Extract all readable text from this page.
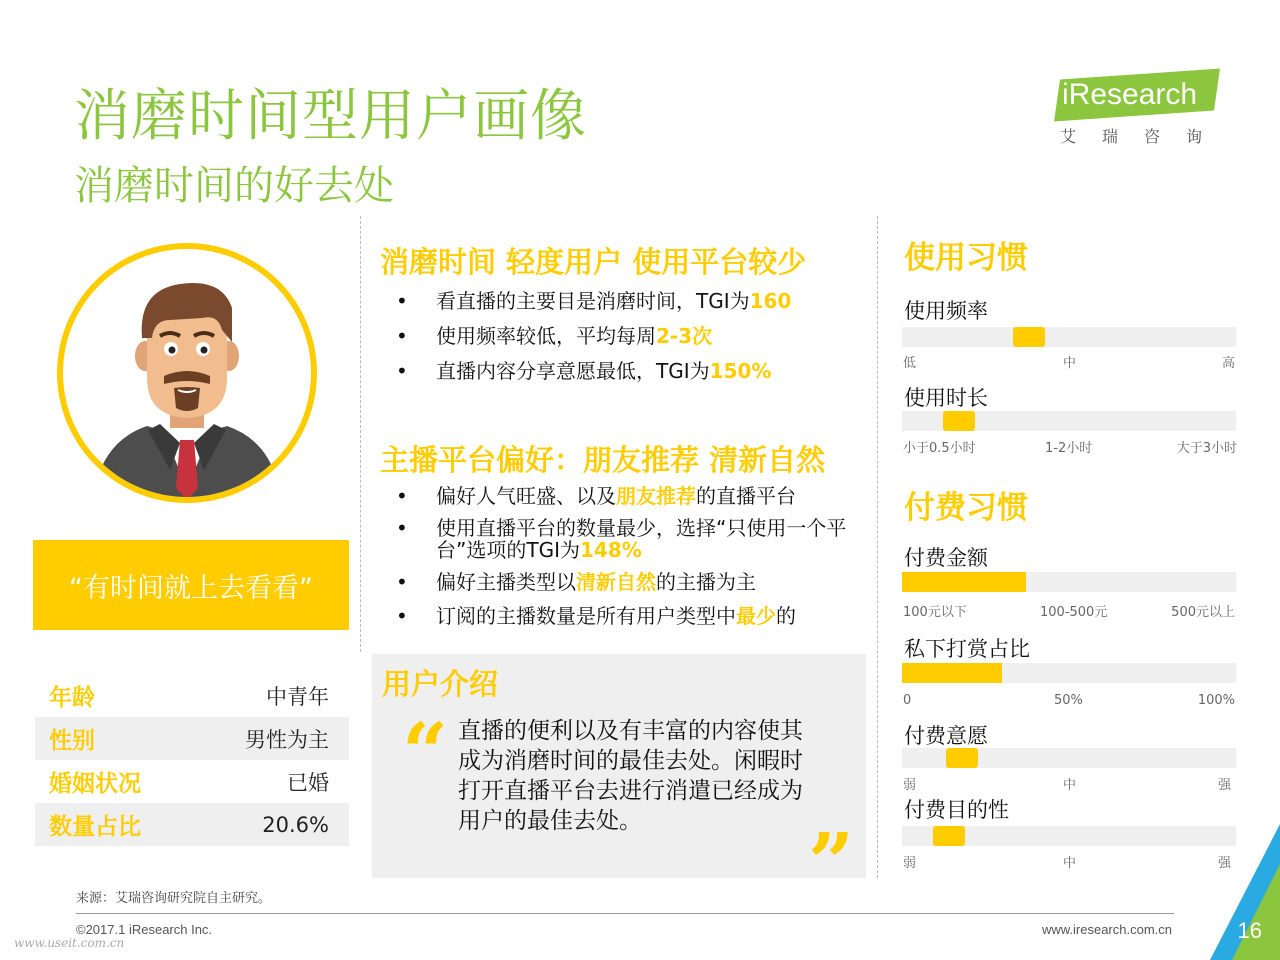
消磨时间型用户画像
消磨时间的好去处
iResearch
艾瑞咨询
“有时间就上去看看”
年龄	中青年
性别	男性为主
婚姻状况	已婚
数量占比	20.6%
消磨时间 轻度用户 使用平台较少
• 看直播的主要目是消磨时间，TGI为160
• 使用频率较低，平均每周2-3次
• 直播内容分享意愿最低，TGI为150%
主播平台偏好：朋友推荐 清新自然
• 偏好人气旺盛、以及朋友推荐的直播平台
• 使用直播平台的数量最少，选择“只使用一个平台”选项的TGI为148%
• 偏好主播类型以清新自然的主播为主
• 订阅的主播数量是所有用户类型中最少的
用户介绍
“ 直播的便利以及有丰富的内容使其成为消磨时间的最佳去处。闲暇时打开直播平台去进行消遣已经成为用户的最佳去处。	”
使用习惯
使用频率
低	中	高
使用时长
小于0.5小时	1-2小时	大于3小时
付费习惯
付费金额
100元以下	100-500元	500元以上
私下打赏占比
0	50%	100%
付费意愿
弱	中	强
付费目的性
弱	中	强
来源：艾瑞咨询研究院自主研究。
©2017.1 iResearch Inc.	www.iresearch.com.cn
www.useit.com.cn	16
